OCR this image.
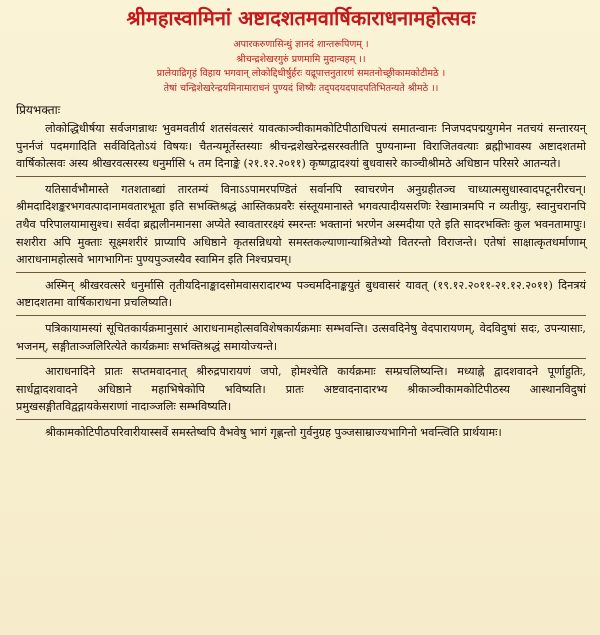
श्रीमहास्वामिनां अष्टादशतमवार्षिकाराधनामहोत्सवः
अपारकरुणासिन्धुं ज्ञानदं शान्तरूपिणम् ।
श्रीचन्द्रशेखरगुरुं प्रणमामि मुदान्वहम् ।।
प्रालेयाद्रिगृहं विहाय भगवान् लोकोद्दिधीर्षुर्हरः यद्रूपात्तनुतारणं समतनोच्छ्रीकामकोटीमठे ।
तेषां चन्द्रिशेखरेन्द्रयमिनामाराधनं पुण्यदं शिष्यैः तद्पदयदपादपतिभितन्यते श्रीमठे ।।
प्रियभक्ताः

लोकोद्धिधीर्षया सर्वजगन्नाथः भुवमवतीर्य शतसंवत्सरं यावत्काञ्चीकामकोटिपीठाधिपत्यं समातन्वानः निजपदपद्मयुगमेन नतचयं सन्तारयन् पुनर्नजं पदमगादिति सर्वविदितोऽयं विषयः। चैतन्यमूर्तेस्तस्याः श्रीचन्द्रशेखरेन्द्रसरस्वतीति पुण्यनाम्ना विराजितवत्याः ब्रह्मीभावस्य अष्टादशतमो वार्षिकोत्सवः अस्य श्रीखरवत्सरस्य धनुर्मासि ५ तम दिनाङ्के (२१.१२.२०११) कृष्णद्वादश्यां बुधवासरे काञ्चीश्रीमठे अधिष्ठान परिसरे आतन्यते।

यतिसार्वभौमास्ते गतशताब्द्यां तारतम्यं विनाऽऽपामरपण्डितं सर्वानपि स्वाचरणेन अनुग्रहीतञ्च चाध्यात्मसुधास्वादपटूनरीरचन्। श्रीमदादिशङ्करभगवत्पादानामवतारभूता इति सभक्तिश्रद्धं आस्तिकप्रवरैः संस्तूयमानास्ते भगवत्पादीयसरणिः रेखामात्रमपि न व्यतीयुः, स्वानुचरानपि तथैव परिपालयामासुश्च। सर्वदा ब्रह्मलीनमानसा अप्येते स्वावताररक्ष्यं स्मरन्तः भक्तानां भरणेन अस्मदीया एते इति सादरभक्तिः कुल भवनतामापुः। सशरीरा अपि मुक्ताः सूक्ष्मशरीरं प्राप्यापि अधिष्ठाने कृतसन्निधयो समस्तकल्याणान्याश्रितेभ्यो वितरन्तो विराजन्ते। एतेषां साक्षात्कृतधर्माणाम् आराधनामहोत्सवे भागभागिनः पुण्यपुञ्जस्यैव स्वामिन इति निश्चप्रचम्।

अस्मिन् श्रीखरवत्सरे धनुर्मासि तृतीयदिनाङ्कादसोमवासरादारभ्य पञ्चमदिनाङ्कयुतं बुधवासरं यावत् (१९.१२.२०११-२१.१२.२०११) दिनत्रयं अष्टादशतमा वार्षिकाराधना प्रचलिष्यति।

पत्रिकायामस्यां सूचितकार्यक्रमानुसारं आराधनामहोत्सवविशेषकार्यक्रमाः सम्भवन्ति। उत्सवदिनेषु वेदपारायणम्, वेदविदुषां सदः, उपन्यासाः, भजनम्, सङ्गीताञ्जलिरित्येते कार्यक्रमाः सभक्तिश्रद्धं समायोज्यन्ते।

आराधनादिने प्रातः सप्तमवादनात् श्रीरुद्रपारायणं जपो, होमश्चेति कार्यक्रमाः सम्प्रचलिष्यन्ति। मध्याह्ने द्वादशवादने पूर्णाहुतिः, सार्धद्वादशवादने अधिष्ठाने महाभिषेकोपि भविष्यति। प्रातः अष्टवादनादारभ्य श्रीकाञ्चीकामकोटिपीठस्य आस्थानविदुषां प्रमुखसङ्गीतविद्वद्गायकेसराणां नादाञ्जलिः सम्भविष्यति।

श्रीकामकोटिपीठपरिवारीयास्सर्वे समस्तेष्वपि वैभवेषु भागं गृह्णन्तो गुर्वनुग्रह पुञ्जसाम्राज्यभागिनो भवन्त्विति प्रार्थयामः।
